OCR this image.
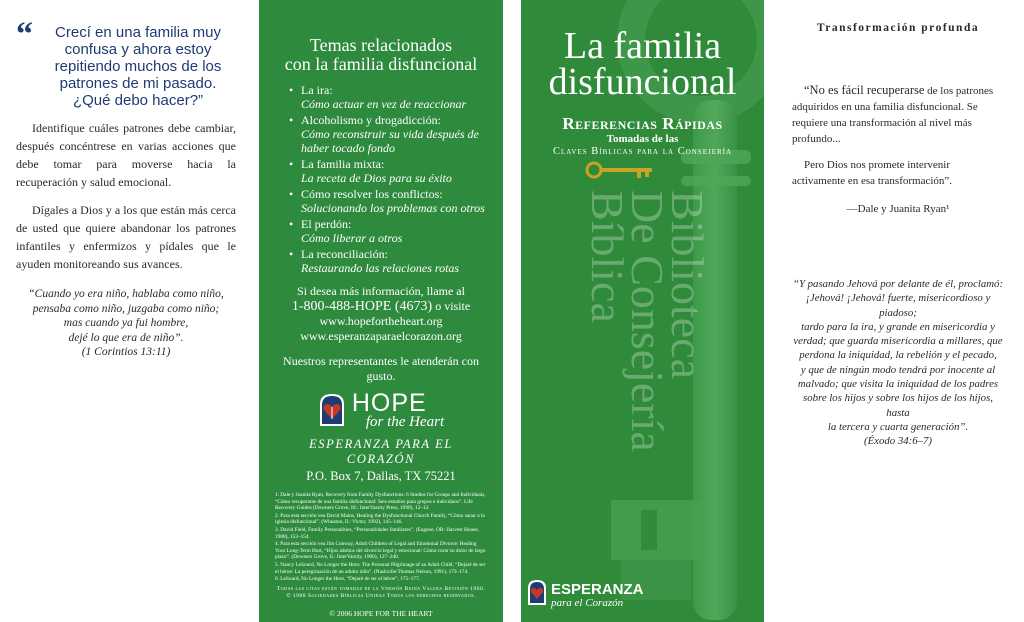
“	Crecí en una familia muy confusa y ahora estoy repitiendo muchos de los patrones de mi pasado. ¿Qué debo hacer?”

Identifique cuáles patrones debe cambiar, después concéntrese en varias acciones que debe tomar para moverse hacia la recuperación y salud emocional.

Dígales a Dios y a los que están más cerca de usted que quiere abandonar los patrones infantiles y enfermizos y pídales que le ayuden monitoreando sus avances.

“Cuando yo era niño, hablaba como niño,
pensaba como niño, juzgaba como niño;
mas cuando ya fui hombre,
dejé lo que era de niño”.
(1 Corintios 13:11)
Temas relacionados
con la familia disfuncional
• La ira:
Cómo actuar en vez de reaccionar
• Alcoholismo y drogadicción:
Cómo reconstruir su vida después de haber tocado fondo
• La familia mixta:
La receta de Dios para su éxito
• Cómo resolver los conflictos:
Solucionando los problemas con otros
• El perdón:
Cómo liberar a otros
• La reconciliación:
Restaurando las relaciones rotas
Si desea más información, llame al
1-800-488-HOPE (4673) o visite
www.hopefortheheart.org
www.esperanzaparaelcorazon.org
Nuestros representantes le atenderán con gusto.
HOPE
for the Heart
ESPERANZA PARA EL CORAZÓN
P.O. Box 7, Dallas, TX 75221
1. Dale y Juanita Ryan, Recovery from Family Dysfunctions: 6 Studies for Groups and Individuals, “Cómo recuperarse de una familia disfuncional: Seis estudios para grupos e individuos”. Life Recovery Guides (Downers Grove, Ill.: InterVarsity Press, 1990), 12–13.
2. Para esta sección vea David Mains, Healing the Dysfunctional Church Family, “Cómo sanar a la iglesia disfuncional”. (Wheaton, Il.: Victor, 1992), 145–146.
3. David Field, Family Personalities, “Personalidades familiares”. (Eugene, OR: Harvest House, 1988), 153–154.
4. Para esta sección vea Jim Conway, Adult Children of Legal and Emotional Divorce: Healing Your Long-Term Hurt, “Hijos adultos del divorcio legal y emocional: Cómo curar su dolor de largo plazo”. (Downers Grove, Il.: InterVarsity, 1990), 127–240.
5. Nancy LeSourd, No Longer the Hero: The Personal Pilgrimage of an Adult Child, “Dejaré de ser el héroe: La peregrinación de un adulto niño”. (Nashville:Thomas Nelson, 1991), 173–174.
6. LeSourd, No Longer the Hero, “Dejaré de ser el héroe”, 175–177.
Todas las citas están tomadas de la Versión Reina Valera Revisión 1960. © 1988 Sociedades Bíblicas Unidas Todos los derechos reservados.
© 2006 HOPE FOR THE HEART
La familia
disfuncional
Referencias Rápidas
Tomadas de las
Claves Bíblicas para la Consejería
Biblioteca
De Consejería
Bíblica
ESPERANZA
para el Corazón
Transformación profunda

“No es fácil recuperarse de los patrones adquiridos en una familia disfuncional. Se requiere una transformación al nivel más profundo...

Pero Dios nos promete intervenir activamente en esa transformación”.

—Dale y Juanita Ryan¹
“Y pasando Jehová por delante de él, proclamó:
¡Jehová! ¡Jehová! fuerte, misericordioso y piadoso;
tardo para la ira, y grande en misericordia y
verdad; que guarda misericordia a millares, que
perdona la iniquidad, la rebelión y el pecado,
y que de ningún modo tendrá por inocente al
malvado; que visita la iniquidad de los padres
sobre los hijos y sobre los hijos de los hijos, hasta
la tercera y cuarta generación”.
(Éxodo 34:6–7)
